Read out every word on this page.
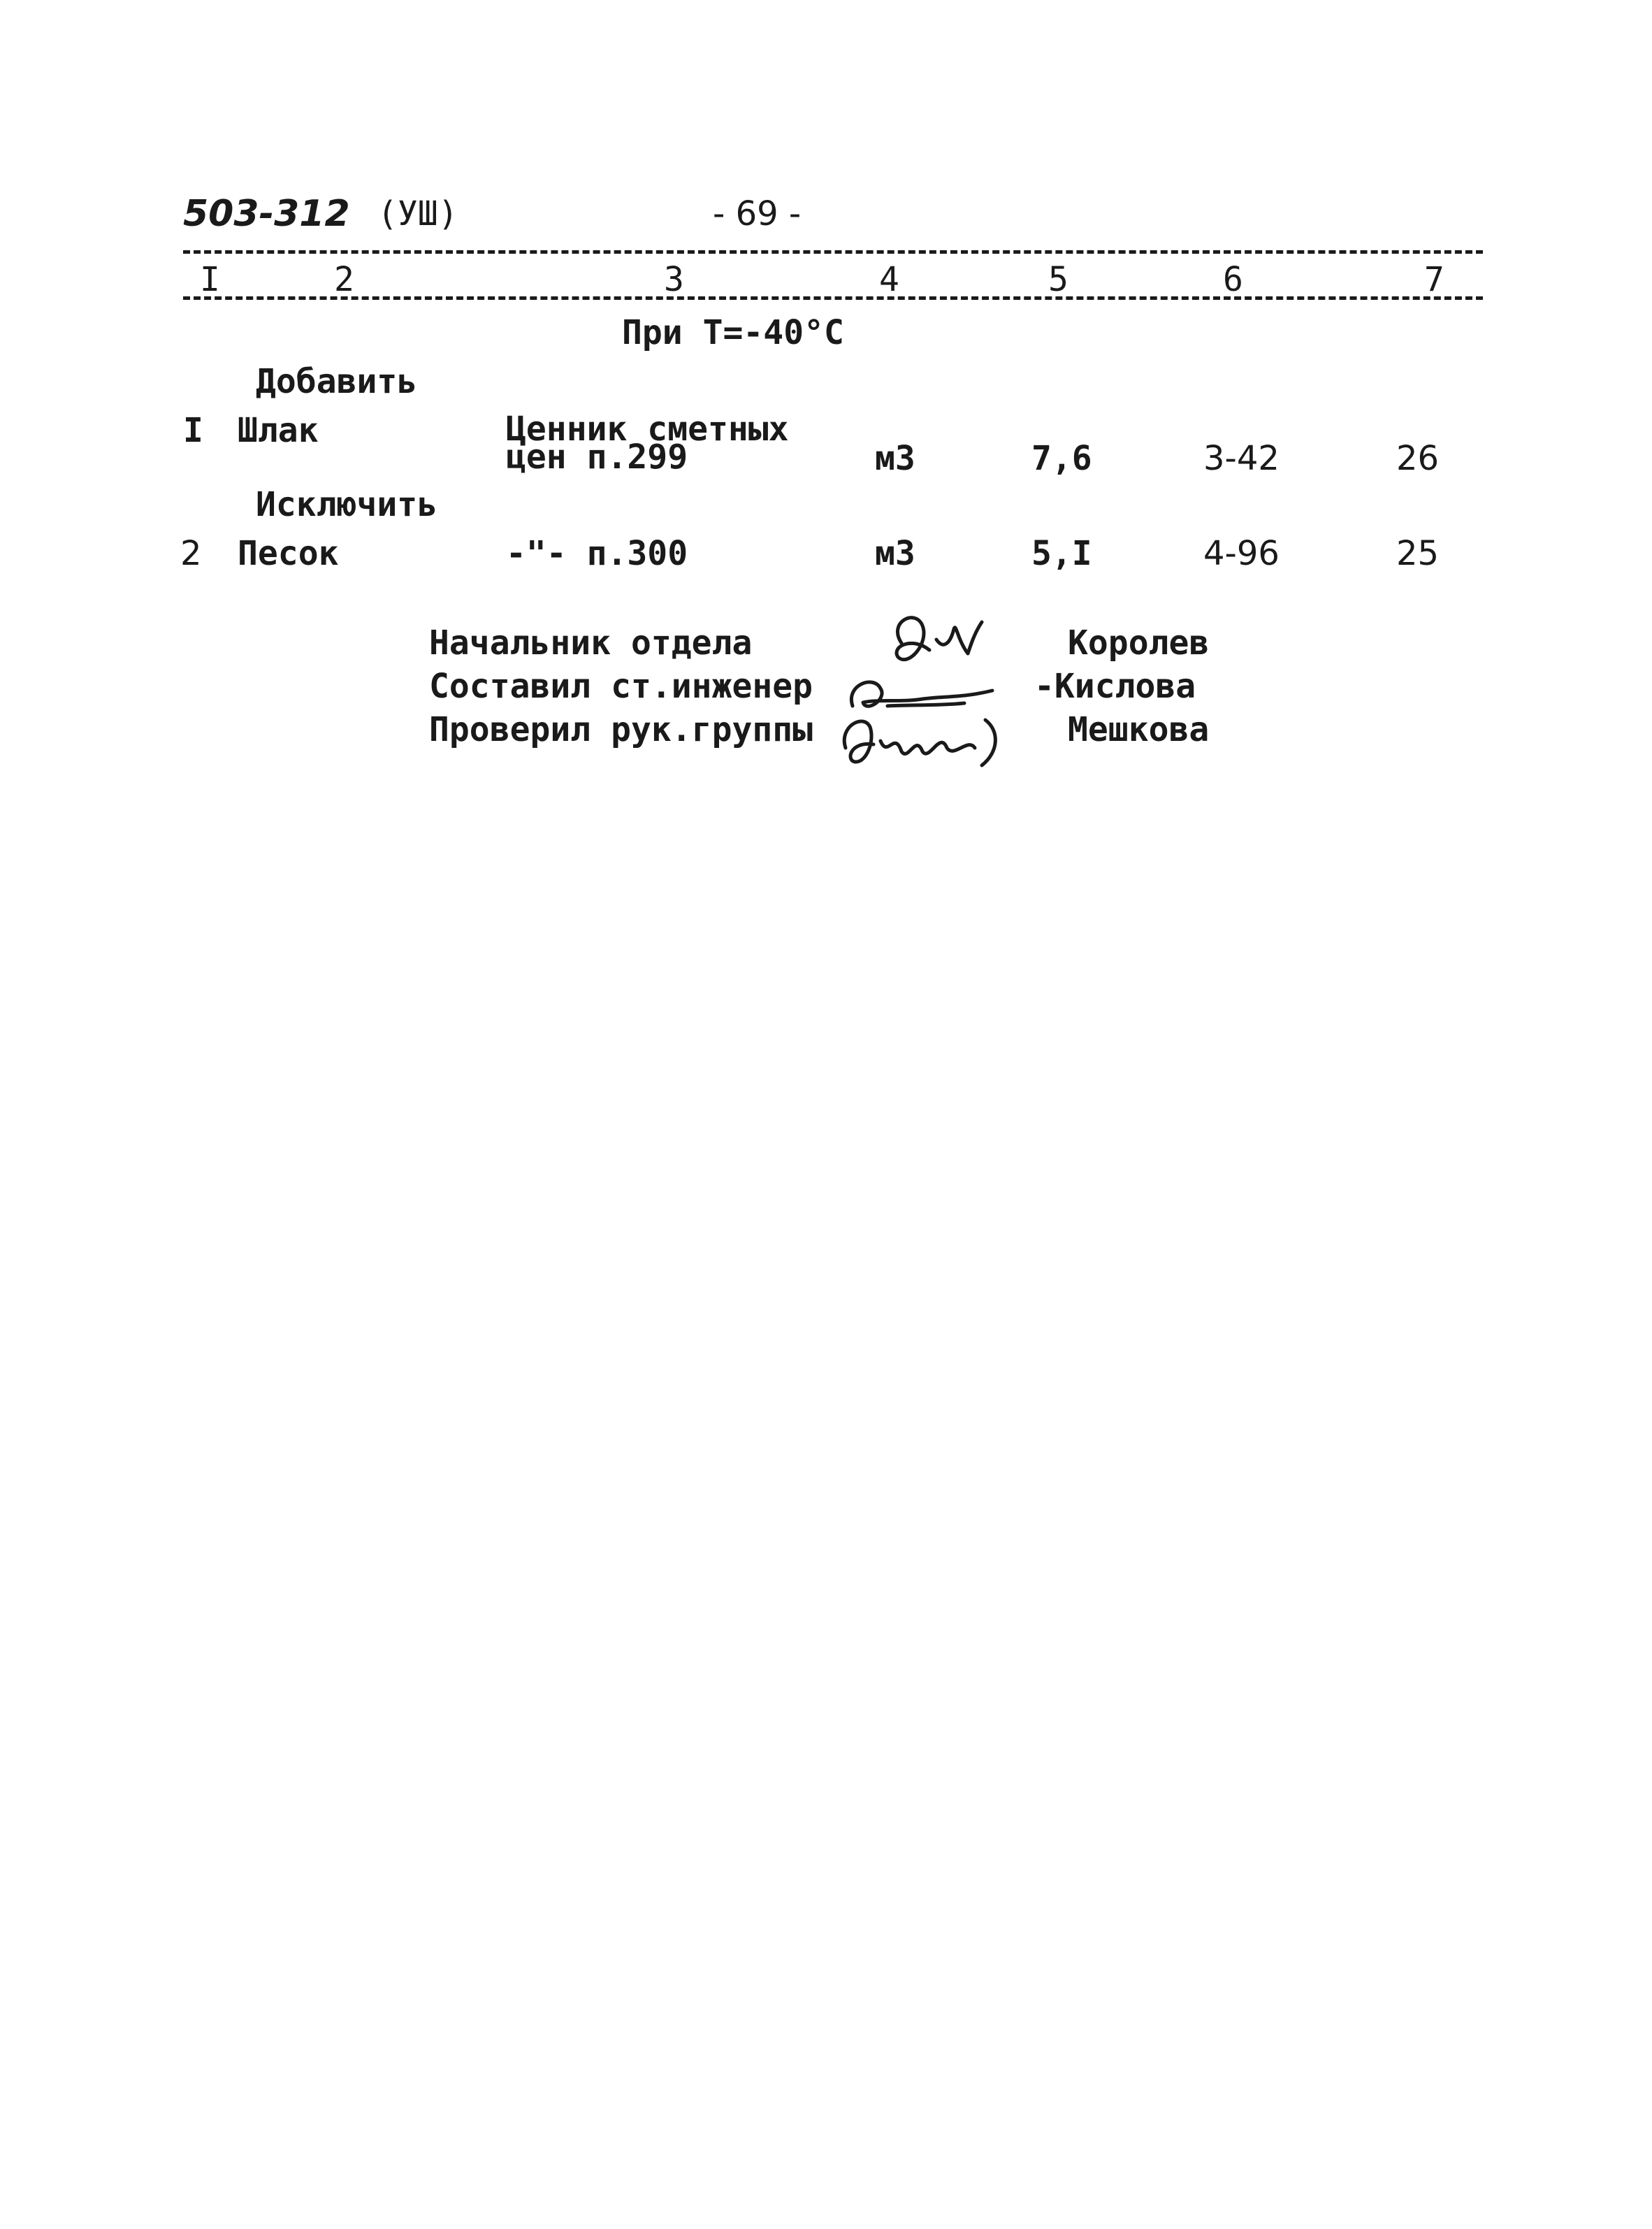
503-312 (УШ)	- 69 -
I	2	3	4	5	6	7
При Т=-40°С
Добавить
I Шлак	Ценник сметных
цен п.299	м3	7,6	3-42	26
Исключить
2 Песок	-"- п.300	м3	5,I	4-96	25
Начальник отдела
Составил ст.инженер
Проверил рук.группы
Королев
-Кислова
Мешкова
